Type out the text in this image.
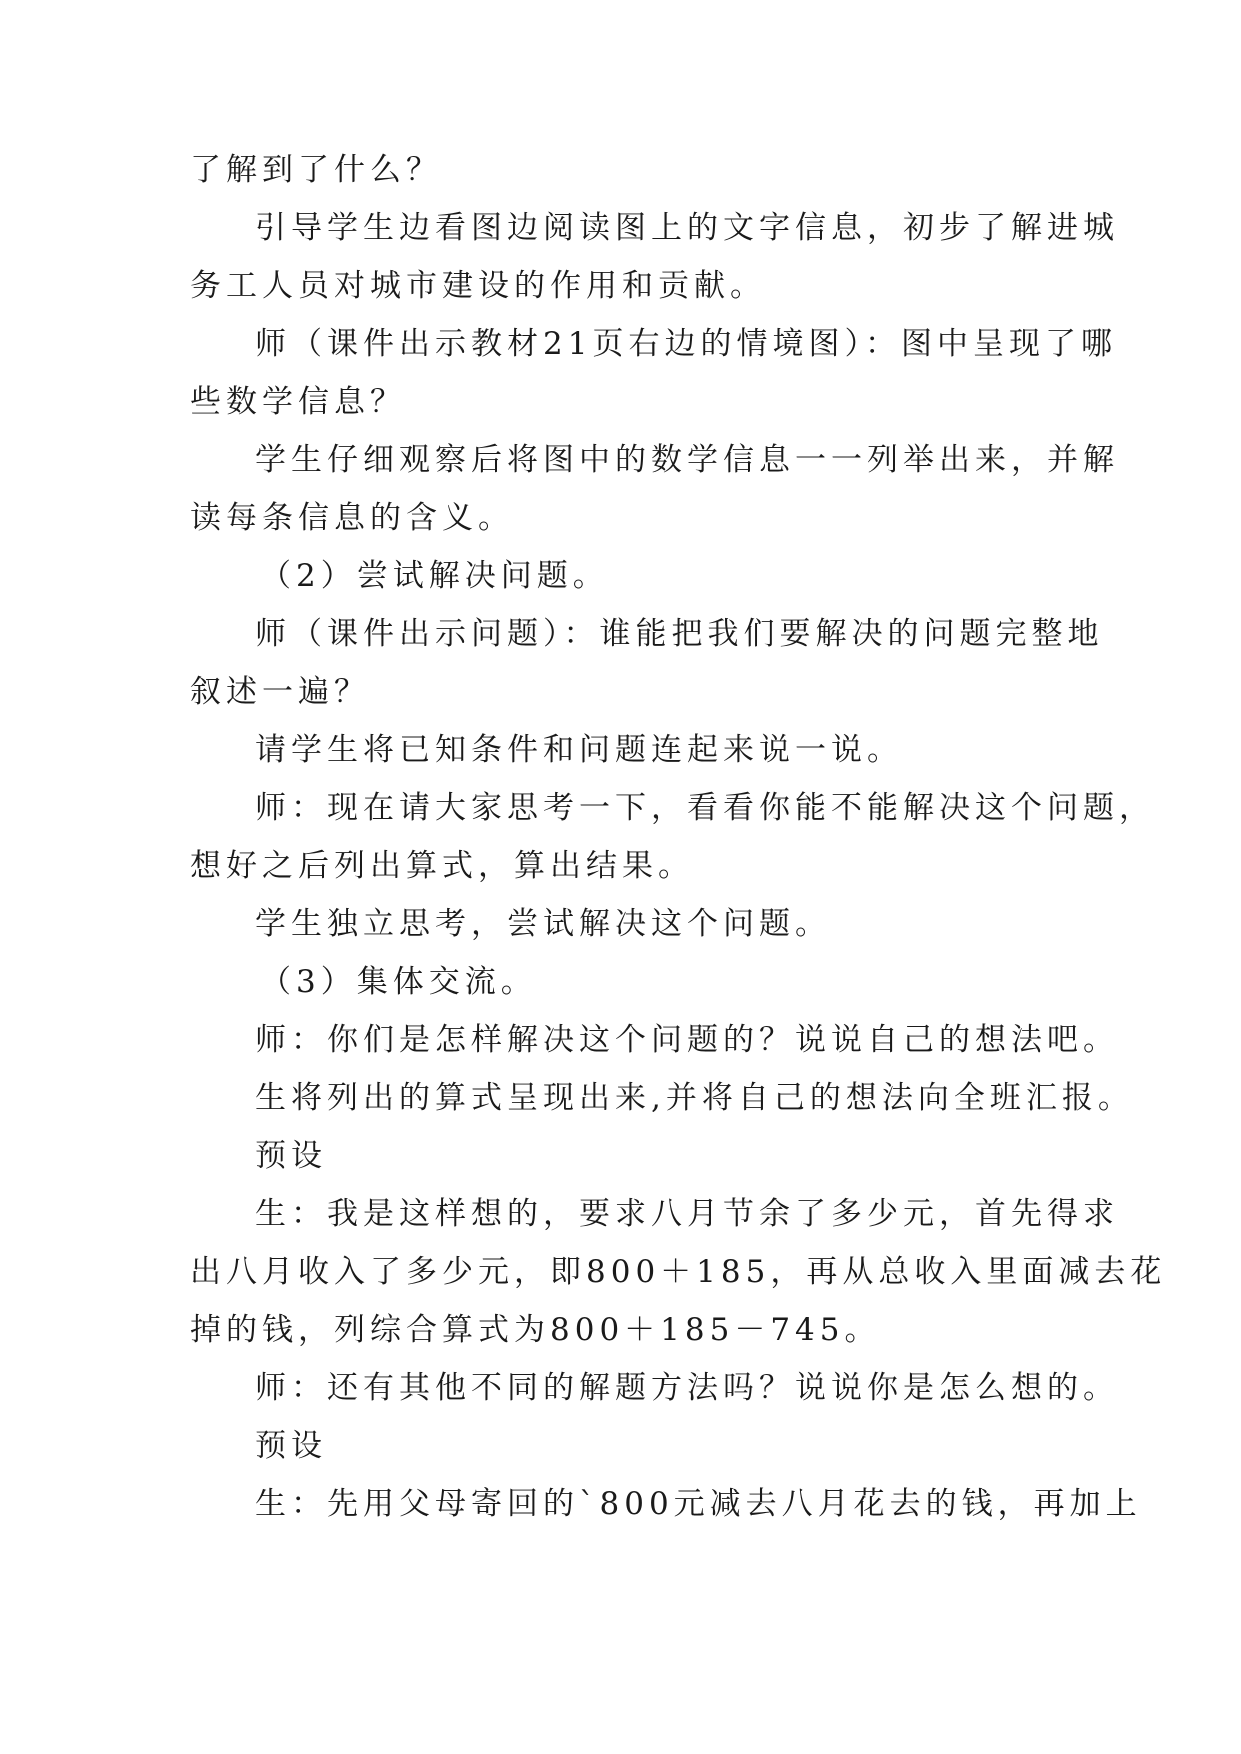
了解到了什么？
引导学生边看图边阅读图上的文字信息，初步了解进城
务工人员对城市建设的作用和贡献。
师（课件出示教材21页右边的情境图）：图中呈现了哪
些数学信息？
学生仔细观察后将图中的数学信息一一列举出来，并解
读每条信息的含义。
（2）尝试解决问题。
师（课件出示问题）：谁能把我们要解决的问题完整地
叙述一遍？
请学生将已知条件和问题连起来说一说。
师：现在请大家思考一下，看看你能不能解决这个问题，
想好之后列出算式，算出结果。
学生独立思考，尝试解决这个问题。
（3）集体交流。
师：你们是怎样解决这个问题的？说说自己的想法吧。
生将列出的算式呈现出来,并将自己的想法向全班汇报。
预设
生：我是这样想的，要求八月节余了多少元，首先得求
出八月收入了多少元，即800＋185，再从总收入里面减去花
掉的钱，列综合算式为800＋185－745。
师：还有其他不同的解题方法吗？说说你是怎么想的。
预设
生：先用父母寄回的`800元减去八月花去的钱，再加上
